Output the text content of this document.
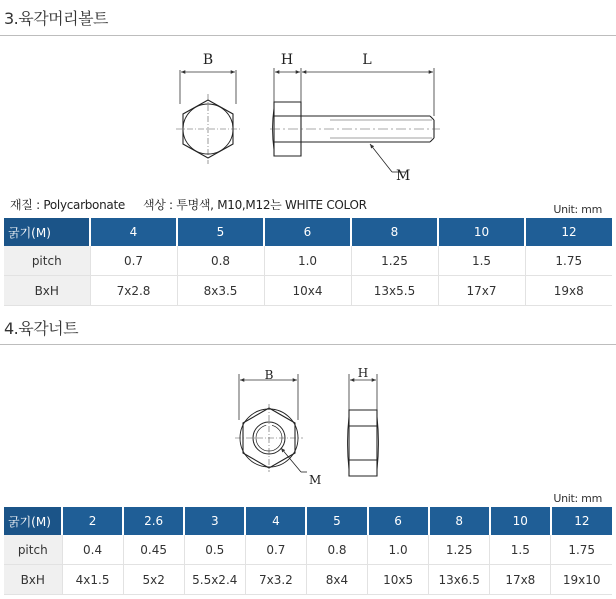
3.육각머리볼트
B	H	L
M
재질 : Polycarbonate 색상 : 투명색, M10,M12는 WHITE COLOR	Unit: mm
굵기(M)	4	5	6	8	10	12
pitch	0.7	0.8	1.0	1.25	1.5	1.75
BxH	7x2.8	8x3.5	10x4	13x5.5	17x7	19x8
4.육각너트
B
M
H
Unit: mm
굵기(M)	2	2.6	3	4	5	6	8	10	12
pitch	0.4	0.45	0.5	0.7	0.8	1.0	1.25	1.5	1.75
BxH	4x1.5	5x2	5.5x2.4	7x3.2	8x4	10x5	13x6.5	17x8	19x10
